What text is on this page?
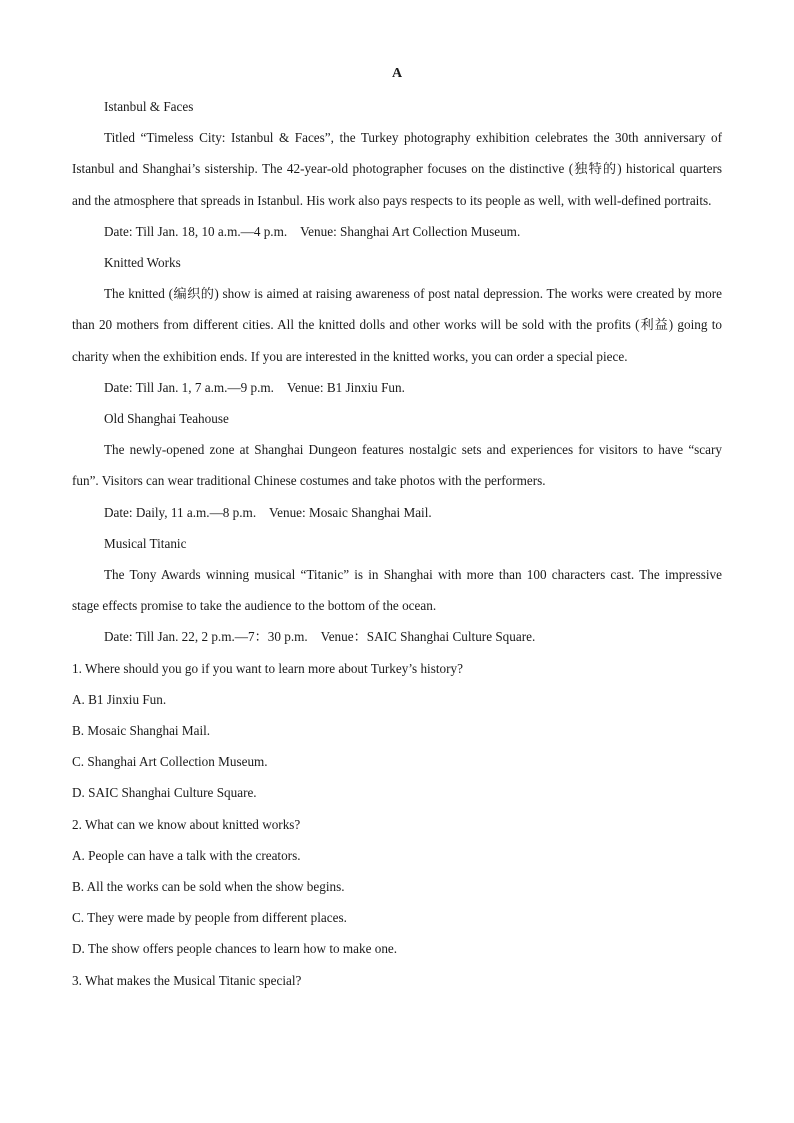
A

Istanbul & Faces

Titled “Timeless City: Istanbul & Faces”, the Turkey photography exhibition celebrates the 30th anniversary of Istanbul and Shanghai’s sistership. The 42-year-old photographer focuses on the distinctive (独特的) historical quarters and the atmosphere that spreads in Istanbul. His work also pays respects to its people as well, with well-defined portraits.

Date: Till Jan. 18, 10 a.m.—4 p.m.    Venue: Shanghai Art Collection Museum.

Knitted Works

The knitted (编织的) show is aimed at raising awareness of post natal depression. The works were created by more than 20 mothers from different cities. All the knitted dolls and other works will be sold with the profits (利益) going to charity when the exhibition ends. If you are interested in the knitted works, you can order a special piece.

Date: Till Jan. 1, 7 a.m.—9 p.m.    Venue: B1 Jinxiu Fun.

Old Shanghai Teahouse

The newly-opened zone at Shanghai Dungeon features nostalgic sets and experiences for visitors to have “scary fun”. Visitors can wear traditional Chinese costumes and take photos with the performers.

Date: Daily, 11 a.m.—8 p.m.    Venue: Mosaic Shanghai Mail.

Musical Titanic

The Tony Awards winning musical “Titanic” is in Shanghai with more than 100 characters cast. The impressive stage effects promise to take the audience to the bottom of the ocean.

Date: Till Jan. 22, 2 p.m.—7：30 p.m.    Venue：SAIC Shanghai Culture Square.

1. Where should you go if you want to learn more about Turkey’s history?

A. B1 Jinxiu Fun.

B. Mosaic Shanghai Mail.

C. Shanghai Art Collection Museum.

D. SAIC Shanghai Culture Square.

2. What can we know about knitted works?

A. People can have a talk with the creators.

B. All the works can be sold when the show begins.

C. They were made by people from different places.

D. The show offers people chances to learn how to make one.

3. What makes the Musical Titanic special?
